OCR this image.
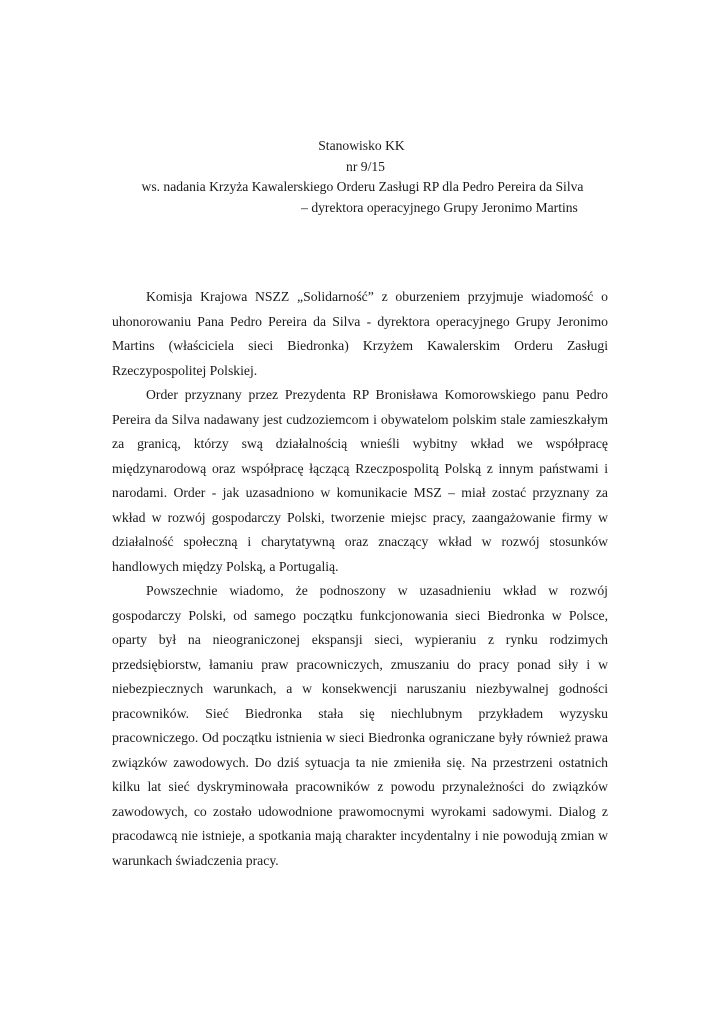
Stanowisko KK
nr 9/15
ws. nadania Krzyża Kawalerskiego Orderu Zasługi RP dla Pedro Pereira da Silva
– dyrektora operacyjnego Grupy Jeronimo Martins

Komisja Krajowa NSZZ „Solidarność” z oburzeniem przyjmuje wiadomość o uhonorowaniu Pana Pedro Pereira da Silva - dyrektora operacyjnego Grupy Jeronimo Martins (właściciela sieci Biedronka) Krzyżem Kawalerskim Orderu Zasługi Rzeczypospolitej Polskiej.

Order przyznany przez Prezydenta RP Bronisława Komorowskiego panu Pedro Pereira da Silva nadawany jest cudzoziemcom i obywatelom polskim stale zamieszkałym za granicą, którzy swą działalnością wnieśli wybitny wkład we współpracę międzynarodową oraz współpracę łączącą Rzeczpospolitą Polską z innym państwami i narodami. Order - jak uzasadniono w komunikacie MSZ – miał zostać przyznany za wkład w rozwój gospodarczy Polski, tworzenie miejsc pracy, zaangażowanie firmy w działalność społeczną i charytatywną oraz znaczący wkład w rozwój stosunków handlowych między Polską, a Portugalią.

Powszechnie wiadomo, że podnoszony w uzasadnieniu wkład w rozwój gospodarczy Polski, od samego początku funkcjonowania sieci Biedronka w Polsce, oparty był na nieograniczonej ekspansji sieci, wypieraniu z rynku rodzimych przedsiębiorstw, łamaniu praw pracowniczych, zmuszaniu do pracy ponad siły i w niebezpiecznych warunkach, a w konsekwencji naruszaniu niezbywalnej godności pracowników. Sieć Biedronka stała się niechlubnym przykładem wyzysku pracowniczego. Od początku istnienia w sieci Biedronka ograniczane były również prawa związków zawodowych. Do dziś sytuacja ta nie zmieniła się. Na przestrzeni ostatnich kilku lat sieć dyskryminowała pracowników z powodu przynależności do związków zawodowych, co zostało udowodnione prawomocnymi wyrokami sadowymi. Dialog z pracodawcą nie istnieje, a spotkania mają charakter incydentalny i nie powodują zmian w warunkach świadczenia pracy.
